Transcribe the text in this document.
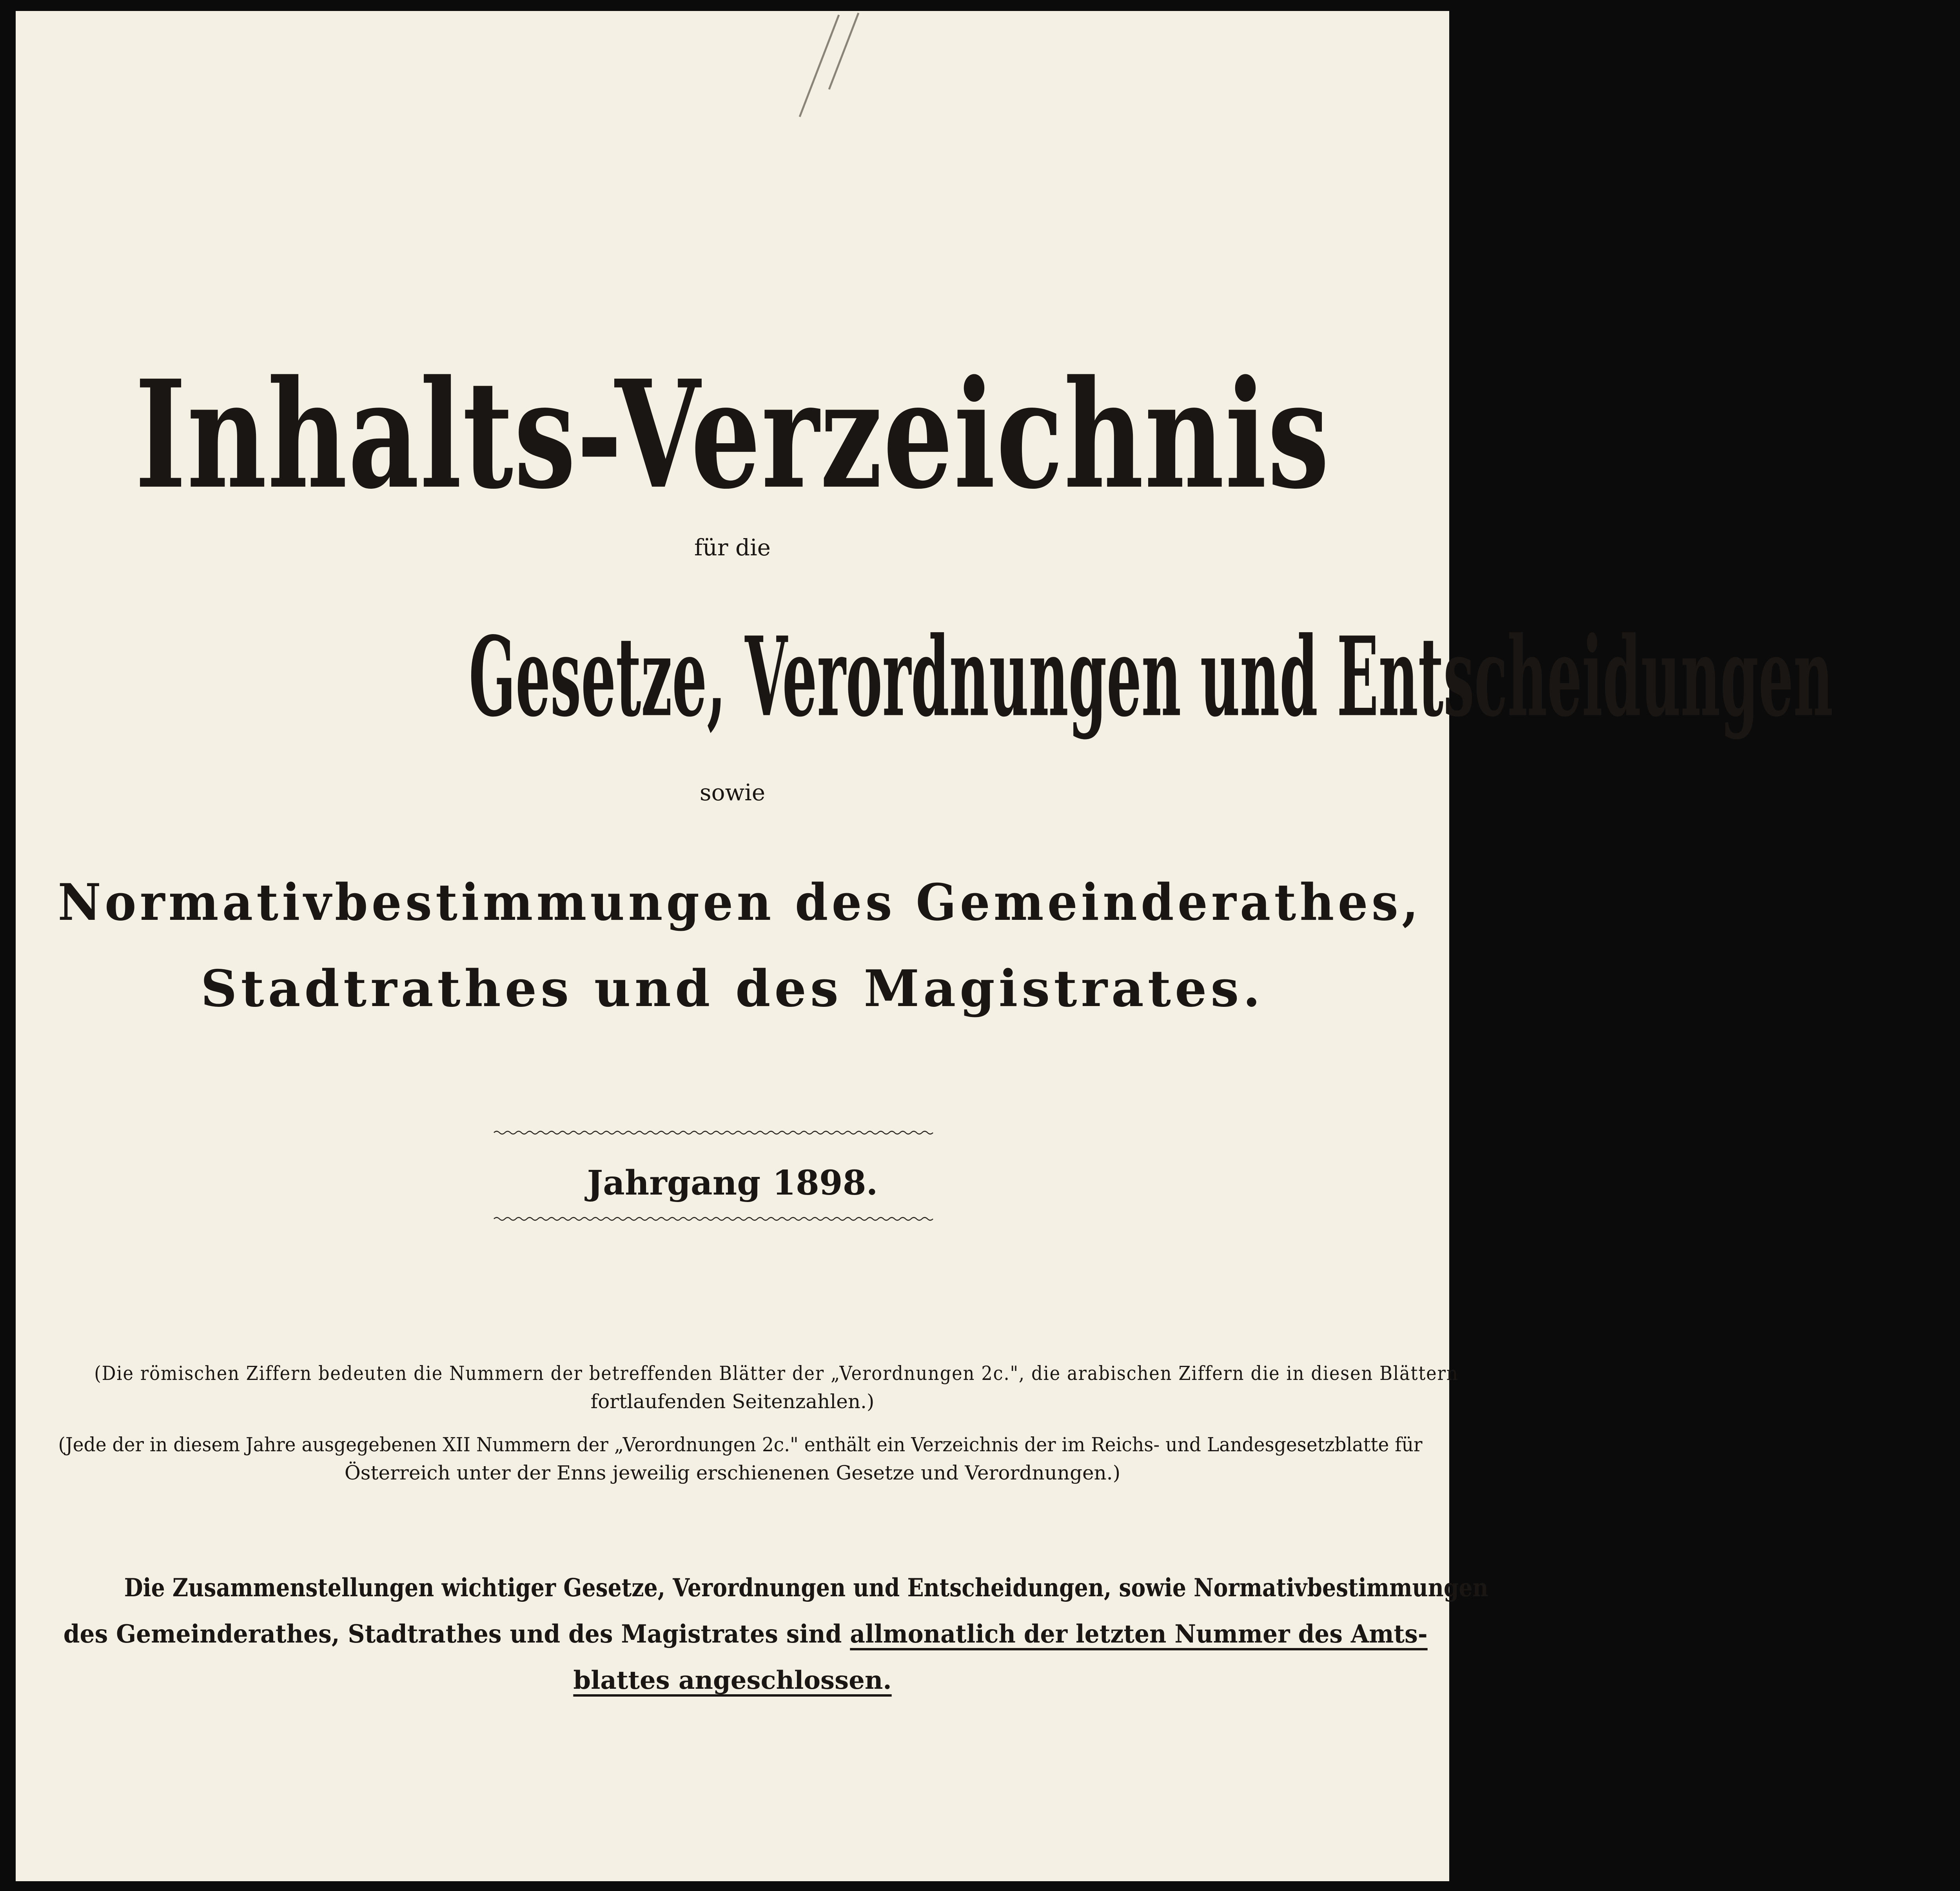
Inhalts-Verzeichnis
für die
Gesetze, Verordnungen und Entscheidungen
sowie
Normativbestimmungen des Gemeinderathes,
Stadtrathes und des Magistrates.
Jahrgang 1898.
(Die römischen Ziffern bedeuten die Nummern der betreffenden Blätter der „Verordnungen 2c.", die arabischen Ziffern die in diesen Blättern
fortlaufenden Seitenzahlen.)
(Jede der in diesem Jahre ausgegebenen XII Nummern der „Verordnungen 2c." enthält ein Verzeichnis der im Reichs- und Landesgesetzblatte für
Österreich unter der Enns jeweilig erschienenen Gesetze und Verordnungen.)
Die Zusammenstellungen wichtiger Gesetze, Verordnungen und Entscheidungen, sowie Normativbestimmungen
des Gemeinderathes, Stadtrathes und des Magistrates sind allmonatlich der letzten Nummer des Amts-
blattes angeschlossen.
